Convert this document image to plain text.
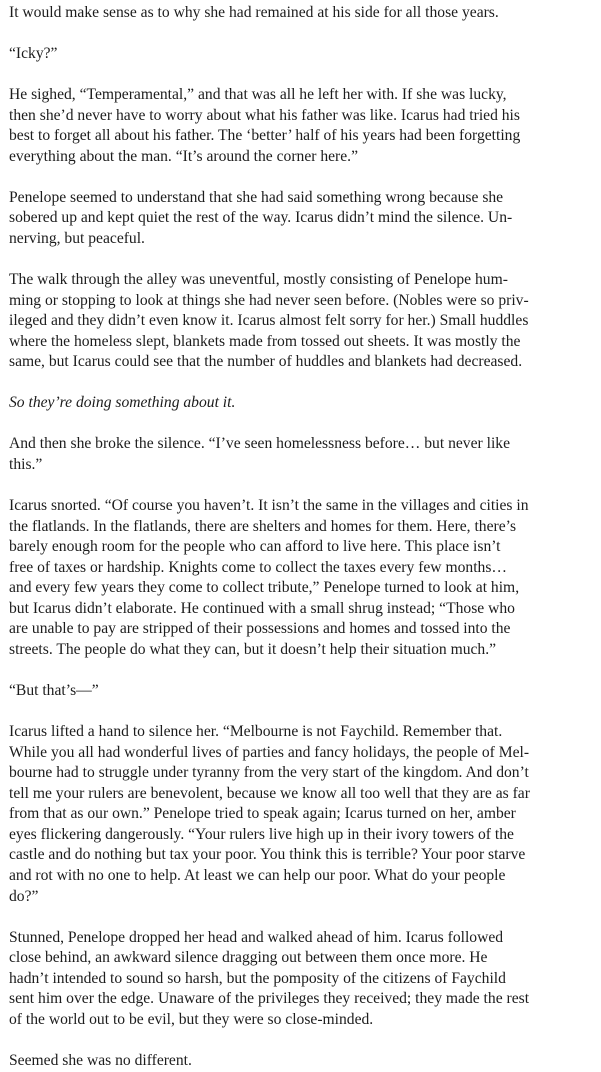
It would make sense as to why she had remained at his side for all those years.

“Icky?”

He sighed, “Temperamental,” and that was all he left her with. If she was lucky,
then she’d never have to worry about what his father was like. Icarus had tried his
best to forget all about his father. The ‘better’ half of his years had been forgetting
everything about the man. “It’s around the corner here.”

Penelope seemed to understand that she had said something wrong because she
sobered up and kept quiet the rest of the way. Icarus didn’t mind the silence. Un-
nerving, but peaceful.

The walk through the alley was uneventful, mostly consisting of Penelope hum-
ming or stopping to look at things she had never seen before. (Nobles were so priv-
ileged and they didn’t even know it. Icarus almost felt sorry for her.) Small huddles
where the homeless slept, blankets made from tossed out sheets. It was mostly the
same, but Icarus could see that the number of huddles and blankets had decreased.

So they’re doing something about it.

And then she broke the silence. “I’ve seen homelessness before… but never like
this.”

Icarus snorted. “Of course you haven’t. It isn’t the same in the villages and cities in
the flatlands. In the flatlands, there are shelters and homes for them. Here, there’s
barely enough room for the people who can afford to live here. This place isn’t
free of taxes or hardship. Knights come to collect the taxes every few months…
and every few years they come to collect tribute,” Penelope turned to look at him,
but Icarus didn’t elaborate. He continued with a small shrug instead; “Those who
are unable to pay are stripped of their possessions and homes and tossed into the
streets. The people do what they can, but it doesn’t help their situation much.”

“But that’s—”

Icarus lifted a hand to silence her. “Melbourne is not Faychild. Remember that.
While you all had wonderful lives of parties and fancy holidays, the people of Mel-
bourne had to struggle under tyranny from the very start of the kingdom. And don’t
tell me your rulers are benevolent, because we know all too well that they are as far
from that as our own.” Penelope tried to speak again; Icarus turned on her, amber
eyes flickering dangerously. “Your rulers live high up in their ivory towers of the
castle and do nothing but tax your poor. You think this is terrible? Your poor starve
and rot with no one to help. At least we can help our poor. What do your people
do?”

Stunned, Penelope dropped her head and walked ahead of him. Icarus followed
close behind, an awkward silence dragging out between them once more. He
hadn’t intended to sound so harsh, but the pomposity of the citizens of Faychild
sent him over the edge. Unaware of the privileges they received; they made the rest
of the world out to be evil, but they were so close-minded.

Seemed she was no different.
